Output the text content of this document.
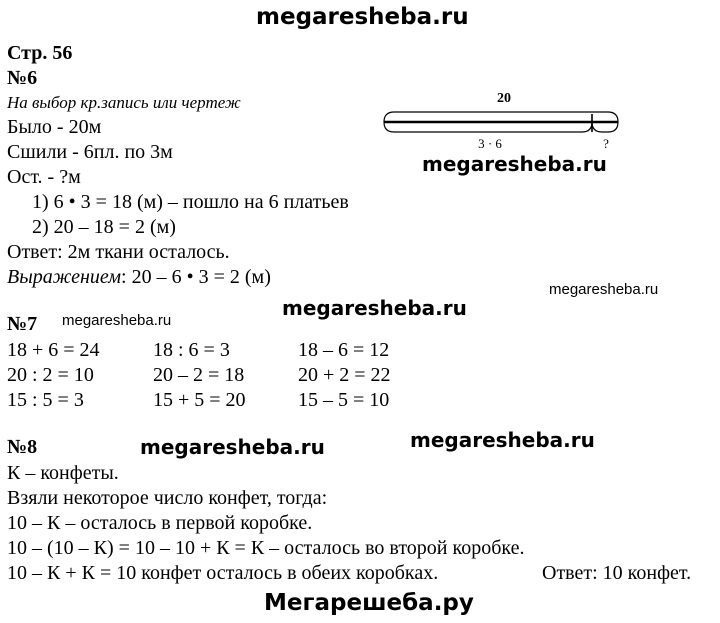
megaresheba.ru
megaresheba.ru
megaresheba.ru
megaresheba.ru
megaresheba.ru
megaresheba.ru	megaresheba.ru
Стр. 56
№6
На выбор кр.запись или чертеж
Было - 20м
Сшили - 6пл. по 3м
Ост. - ?м
1) 6 • 3 = 18 (м) – пошло на 6 платьев
2) 20 – 18 = 2 (м)
Ответ: 2м ткани осталось.
Выражением: 20 – 6 • 3 = 2 (м)
20
3 · 6	?
№7
18 + 6 = 24	18 : 6 = 3	18 – 6 = 12
20 : 2 = 10	20 – 2 = 18	20 + 2 = 22
15 : 5 = 3	15 + 5 = 20	15 – 5 = 10
№8
К – конфеты.
Взяли некоторое число конфет, тогда:
10 – К – осталось в первой коробке.
10 – (10 – К) = 10 – 10 + К = К – осталось во второй коробке.
10 – К + К = 10 конфет осталось в обеих коробках.	Ответ: 10 конфет.
Мегарешеба.ру
